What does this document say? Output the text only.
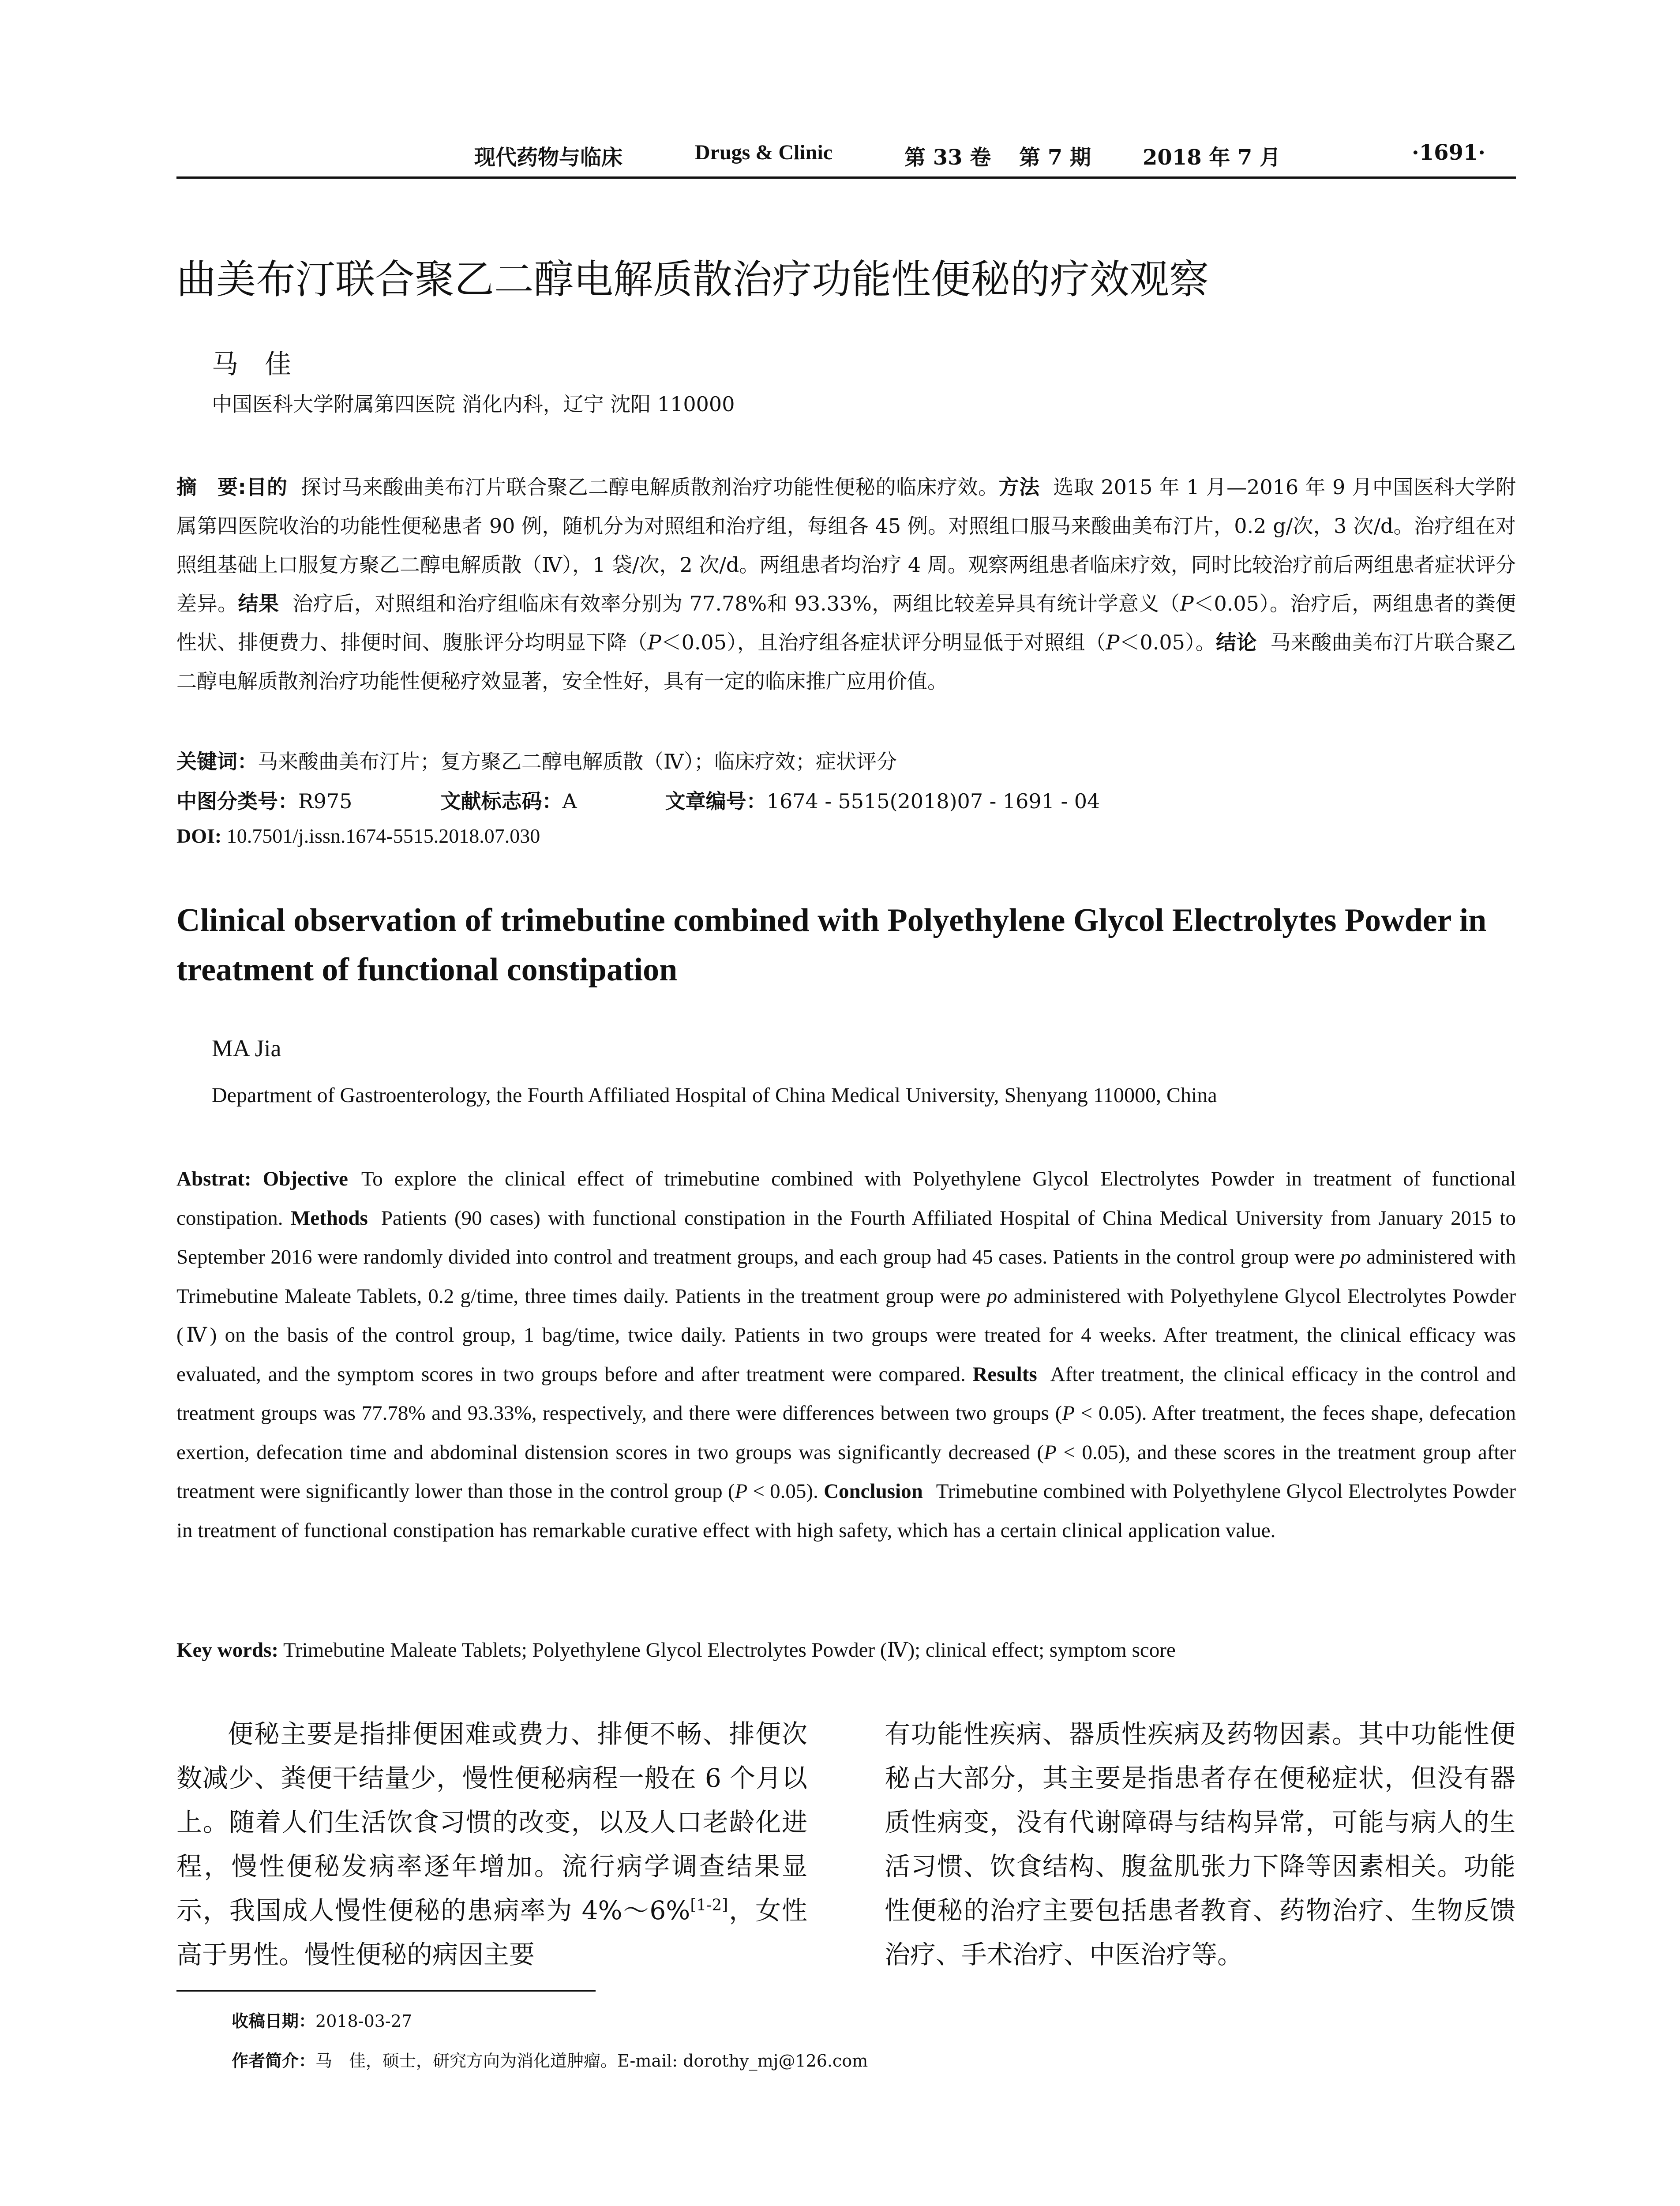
现代药物与临床	Drugs & Clinic	第 33 卷 第 7 期 2018 年 7 月	·1691·
曲美布汀联合聚乙二醇电解质散治疗功能性便秘的疗效观察
马佳
中国医科大学附属第四医院 消化内科，辽宁 沈阳 110000
摘　要:目的 探讨马来酸曲美布汀片联合聚乙二醇电解质散剂治疗功能性便秘的临床疗效。方法 选取 2015 年 1 月—2016 年 9 月中国医科大学附属第四医院收治的功能性便秘患者 90 例，随机分为对照组和治疗组，每组各 45 例。对照组口服马来酸曲美布汀片，0.2 g/次，3 次/d。治疗组在对照组基础上口服复方聚乙二醇电解质散（Ⅳ），1 袋/次，2 次/d。两组患者均治疗 4 周。观察两组患者临床疗效，同时比较治疗前后两组患者症状评分差异。结果 治疗后，对照组和治疗组临床有效率分别为 77.78%和 93.33%，两组比较差异具有统计学意义（P＜0.05）。治疗后，两组患者的粪便性状、排便费力、排便时间、腹胀评分均明显下降（P＜0.05），且治疗组各症状评分明显低于对照组（P＜0.05）。结论 马来酸曲美布汀片联合聚乙二醇电解质散剂治疗功能性便秘疗效显著，安全性好，具有一定的临床推广应用价值。
关键词：马来酸曲美布汀片；复方聚乙二醇电解质散（Ⅳ）；临床疗效；症状评分
中图分类号：R975	文献标志码：A	文章编号：1674 - 5515(2018)07 - 1691 - 04
DOI: 10.7501/j.issn.1674-5515.2018.07.030
Clinical observation of trimebutine combined with Polyethylene Glycol Electrolytes Powder in treatment of functional constipation
MA Jia
Department of Gastroenterology, the Fourth Affiliated Hospital of China Medical University, Shenyang 110000, China
Abstrat: Objective To explore the clinical effect of trimebutine combined with Polyethylene Glycol Electrolytes Powder in treatment of functional constipation. Methods Patients (90 cases) with functional constipation in the Fourth Affiliated Hospital of China Medical University from January 2015 to September 2016 were randomly divided into control and treatment groups, and each group had 45 cases. Patients in the control group were po administered with Trimebutine Maleate Tablets, 0.2 g/time, three times daily. Patients in the treatment group were po administered with Polyethylene Glycol Electrolytes Powder (Ⅳ) on the basis of the control group, 1 bag/time, twice daily. Patients in two groups were treated for 4 weeks. After treatment, the clinical efficacy was evaluated, and the symptom scores in two groups before and after treatment were compared. Results After treatment, the clinical efficacy in the control and treatment groups was 77.78% and 93.33%, respectively, and there were differences between two groups (P < 0.05). After treatment, the feces shape, defecation exertion, defecation time and abdominal distension scores in two groups was significantly decreased (P < 0.05), and these scores in the treatment group after treatment were significantly lower than those in the control group (P < 0.05). Conclusion Trimebutine combined with Polyethylene Glycol Electrolytes Powder in treatment of functional constipation has remarkable curative effect with high safety, which has a certain clinical application value.
Key words: Trimebutine Maleate Tablets; Polyethylene Glycol Electrolytes Powder (Ⅳ); clinical effect; symptom score

便秘主要是指排便困难或费力、排便不畅、排便次数减少、粪便干结量少，慢性便秘病程一般在 6 个月以上。随着人们生活饮食习惯的改变，以及人口老龄化进程，慢性便秘发病率逐年增加。流行病学调查结果显示，我国成人慢性便秘的患病率为 4%～6%[1-2]，女性高于男性。慢性便秘的病因主要

有功能性疾病、器质性疾病及药物因素。其中功能性便秘占大部分，其主要是指患者存在便秘症状，但没有器质性病变，没有代谢障碍与结构异常，可能与病人的生活习惯、饮食结构、腹盆肌张力下降等因素相关。功能性便秘的治疗主要包括患者教育、药物治疗、生物反馈治疗、手术治疗、中医治疗等。

收稿日期：2018-03-27
作者简介：马　佳，硕士，研究方向为消化道肿瘤。E-mail: dorothy_mj@126.com
